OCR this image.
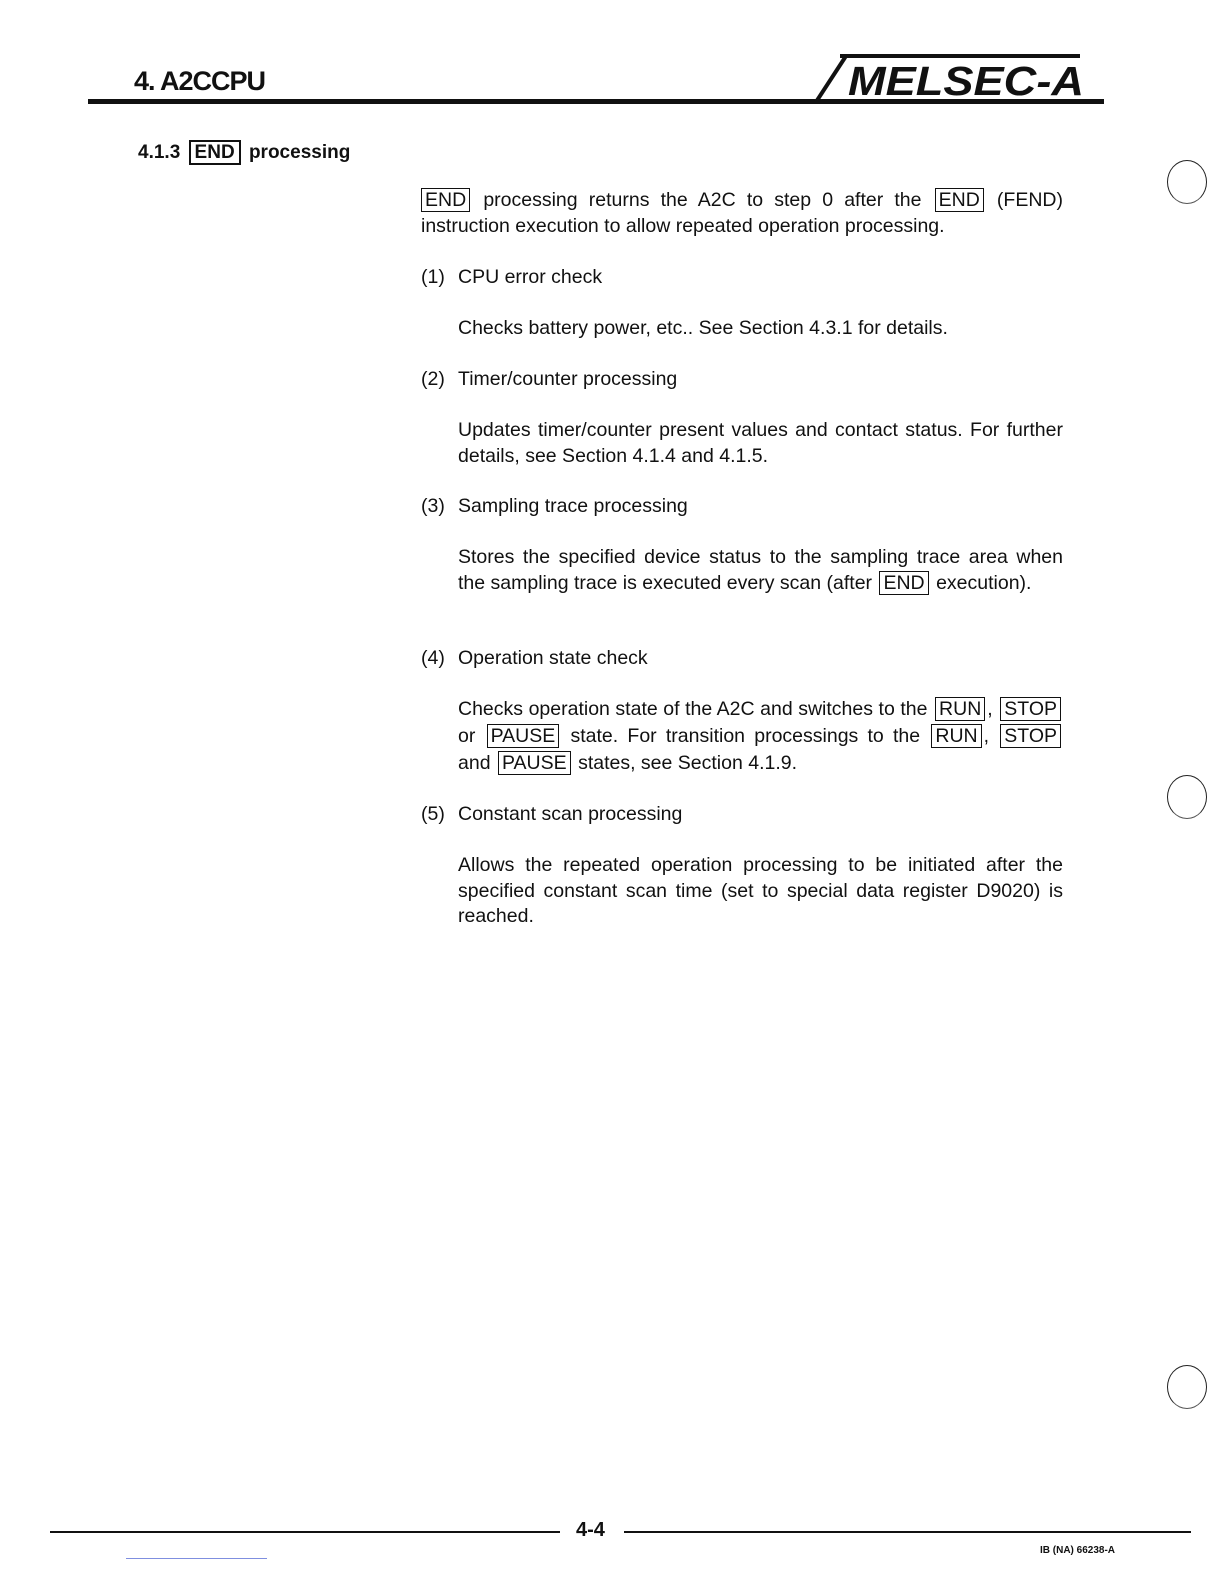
4. A2CCPU	MELSEC-A
4.1.3 END processing
END processing returns the A2C to step 0 after the END (FEND) instruction execution to allow repeated operation processing.
(1) CPU error check
Checks battery power, etc.. See Section 4.3.1 for details.
(2) Timer/counter processing
Updates timer/counter present values and contact status. For further details, see Section 4.1.4 and 4.1.5.
(3) Sampling trace processing
Stores the specified device status to the sampling trace area when the sampling trace is executed every scan (after END execution).
(4) Operation state check
Checks operation state of the A2C and switches to the RUN , STOP or PAUSE state. For transition processings to the RUN , STOP and PAUSE states, see Section 4.1.9.
(5) Constant scan processing
Allows the repeated operation processing to be initiated after the specified constant scan time (set to special data register D9020) is reached.
4-4
IB (NA) 66238-A
